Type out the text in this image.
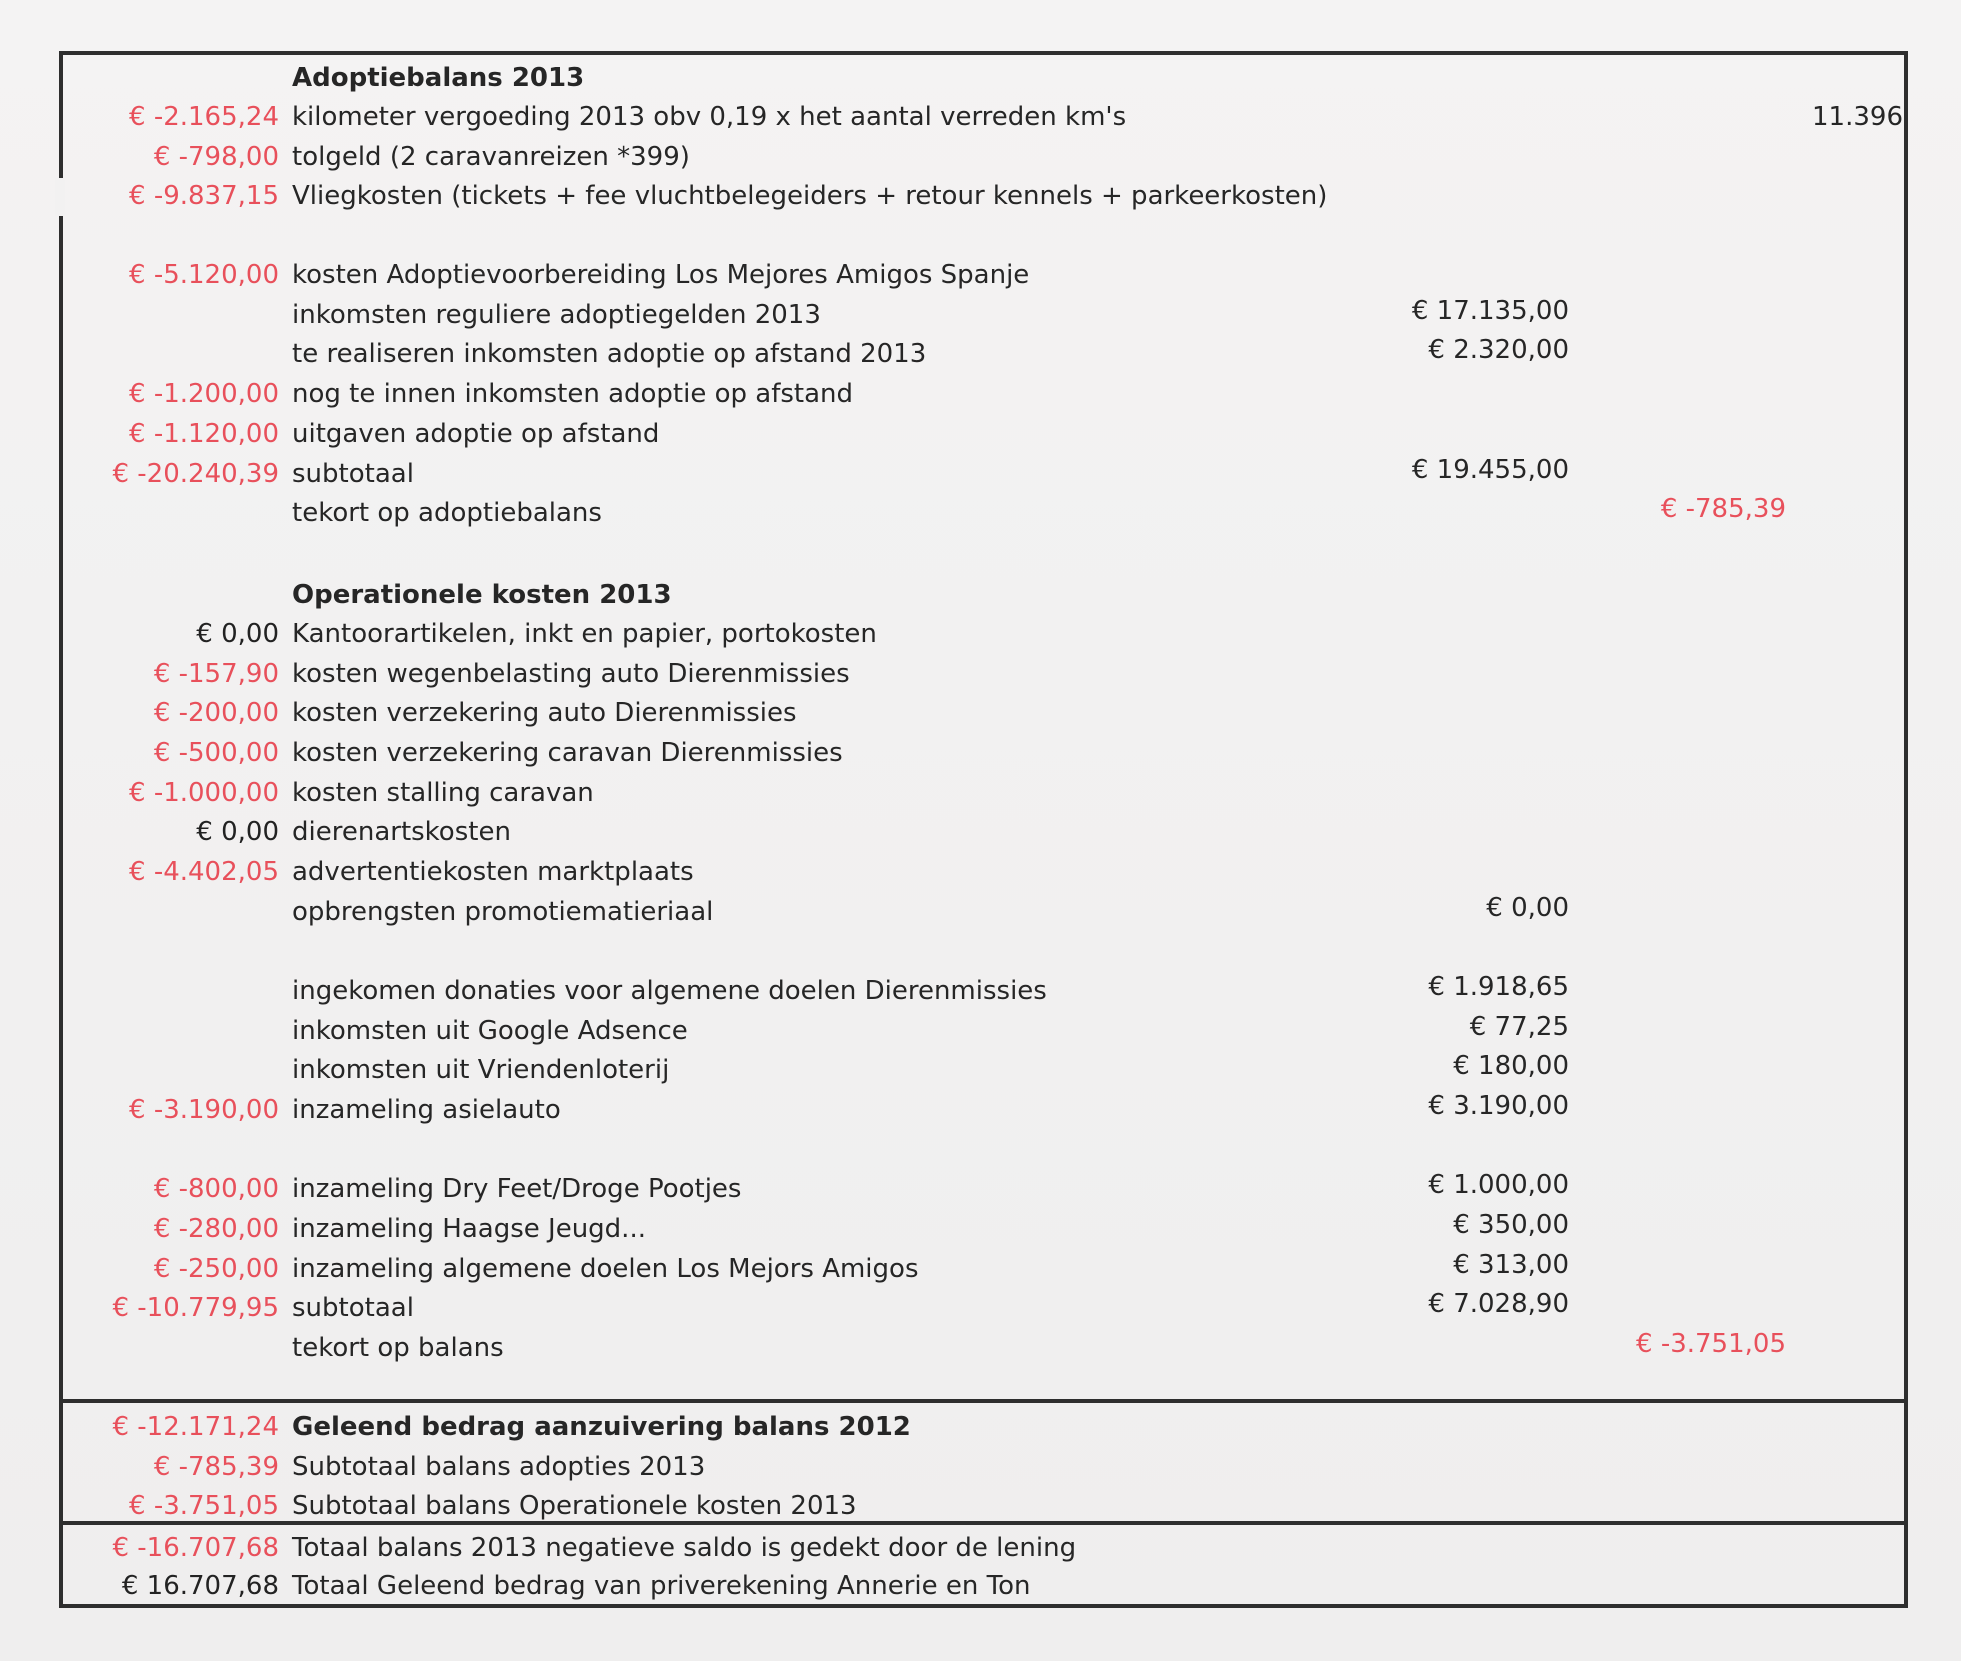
Adoptiebalans 2013
€ -2.165,24 kilometer vergoeding 2013 obv 0,19 x het aantal verreden km's	11.396
€ -798,00 tolgeld (2 caravanreizen *399)
€ -9.837,15 Vliegkosten (tickets + fee vluchtbelegeiders + retour kennels + parkeerkosten)
€ -5.120,00 kosten Adoptievoorbereiding Los Mejores Amigos Spanje
inkomsten reguliere adoptiegelden 2013	€ 17.135,00
te realiseren inkomsten adoptie op afstand 2013	€ 2.320,00
€ -1.200,00 nog te innen inkomsten adoptie op afstand
€ -1.120,00 uitgaven adoptie op afstand
€ -20.240,39 subtotaal	€ 19.455,00
tekort op adoptiebalans	€ -785,39
Operationele kosten 2013
€ 0,00 Kantoorartikelen, inkt en papier, portokosten
€ -157,90 kosten wegenbelasting auto Dierenmissies
€ -200,00 kosten verzekering auto Dierenmissies
€ -500,00 kosten verzekering caravan Dierenmissies
€ -1.000,00 kosten stalling caravan
€ 0,00 dierenartskosten
€ -4.402,05 advertentiekosten marktplaats
opbrengsten promotiematieriaal	€ 0,00
ingekomen donaties voor algemene doelen Dierenmissies	€ 1.918,65
inkomsten uit Google Adsence	€ 77,25
inkomsten uit Vriendenloterij	€ 180,00
€ -3.190,00 inzameling asielauto	€ 3.190,00
€ -800,00 inzameling Dry Feet/Droge Pootjes	€ 1.000,00
€ -280,00 inzameling Haagse Jeugd...	€ 350,00
€ -250,00 inzameling algemene doelen Los Mejors Amigos	€ 313,00
€ -10.779,95 subtotaal	€ 7.028,90
tekort op balans	€ -3.751,05
€ -12.171,24 Geleend bedrag aanzuivering balans 2012
€ -785,39 Subtotaal balans adopties 2013
€ -3.751,05 Subtotaal balans Operationele kosten 2013
€ -16.707,68 Totaal balans 2013 negatieve saldo is gedekt door de lening
€ 16.707,68 Totaal Geleend bedrag van priverekening Annerie en Ton
